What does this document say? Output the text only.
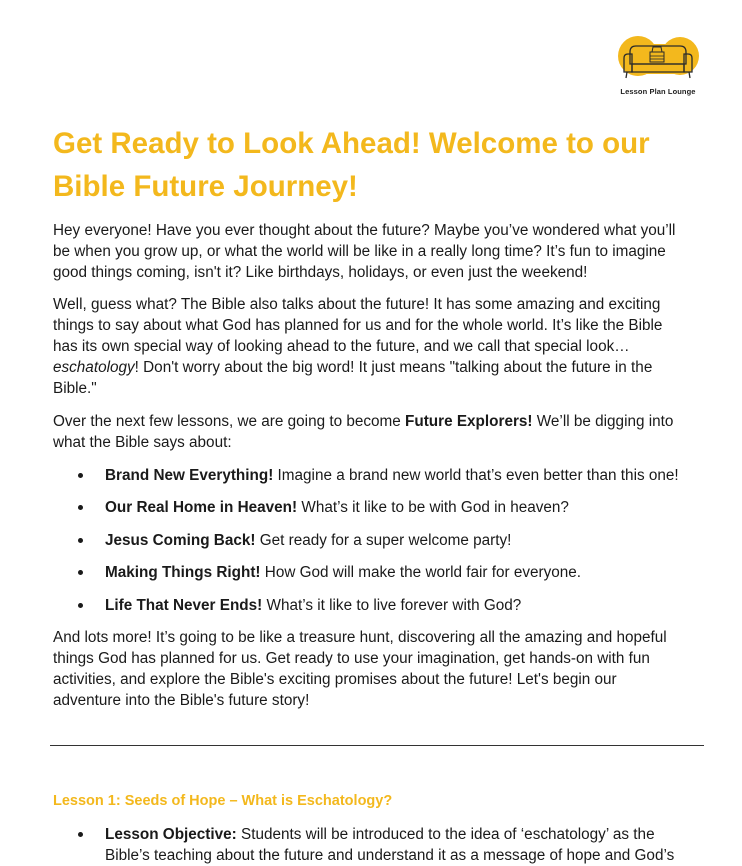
Lesson Plan Lounge
Get Ready to Look Ahead! Welcome to our
Bible Future Journey!

Hey everyone! Have you ever thought about the future? Maybe you’ve wondered what you’ll
be when you grow up, or what the world will be like in a really long time? It’s fun to imagine
good things coming, isn't it? Like birthdays, holidays, or even just the weekend!

Well, guess what? The Bible also talks about the future! It has some amazing and exciting
things to say about what God has planned for us and for the whole world. It’s like the Bible
has its own special way of looking ahead to the future, and we call that special look…
eschatology! Don't worry about the big word! It just means "talking about the future in the
Bible."

Over the next few lessons, we are going to become Future Explorers! We’ll be digging into
what the Bible says about:

Brand New Everything! Imagine a brand new world that’s even better than this one!
Our Real Home in Heaven! What’s it like to be with God in heaven?
Jesus Coming Back! Get ready for a super welcome party!
Making Things Right! How God will make the world fair for everyone.
Life That Never Ends! What’s it like to live forever with God?

And lots more! It’s going to be like a treasure hunt, discovering all the amazing and hopeful
things God has planned for us. Get ready to use your imagination, get hands-on with fun
activities, and explore the Bible's exciting promises about the future! Let's begin our
adventure into the Bible's future story!

Lesson 1: Seeds of Hope – What is Eschatology?
Lesson Objective: Students will be introduced to the idea of ‘eschatology’ as the
Bible’s teaching about the future and understand it as a message of hope and God’s
